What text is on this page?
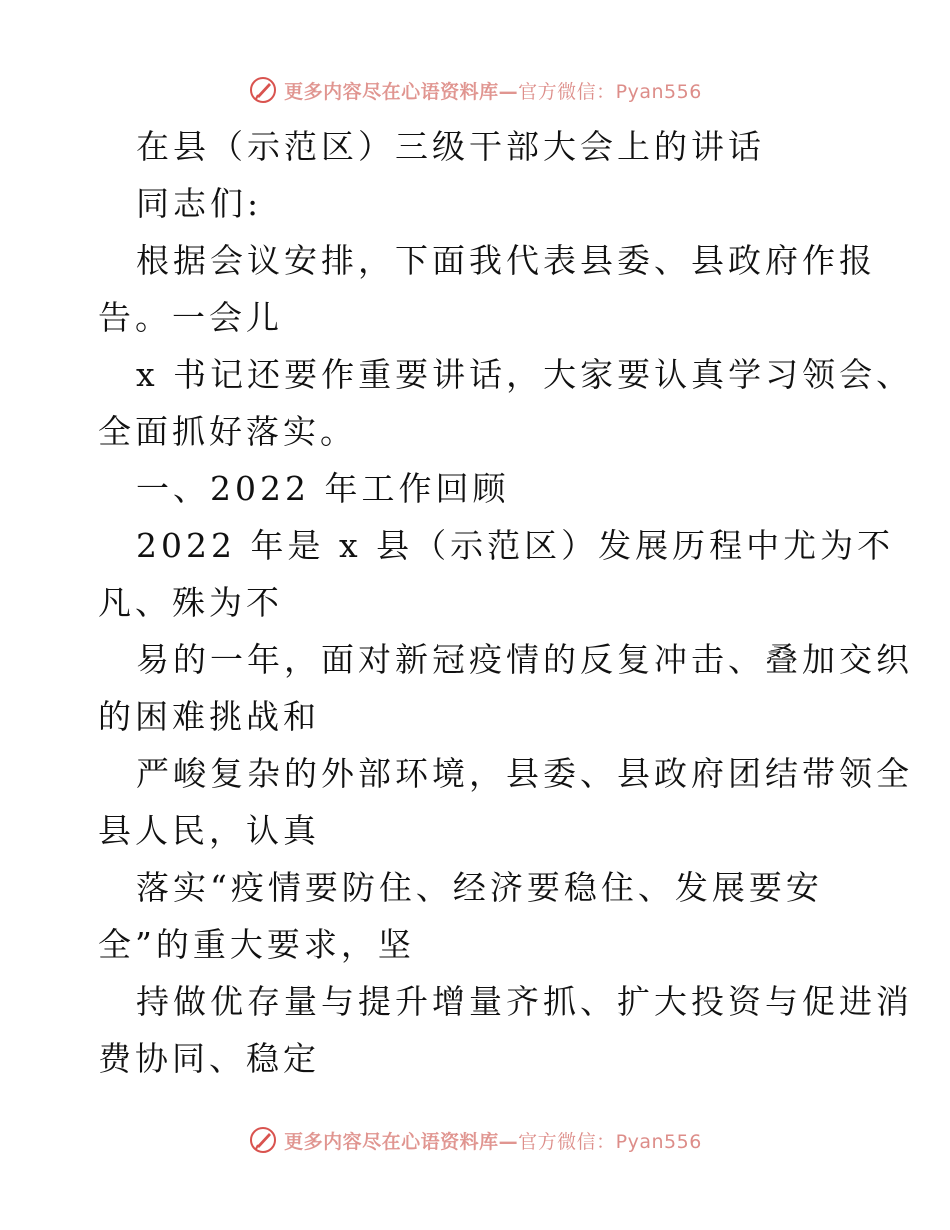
更多内容尽在心语资料库—官方微信：Pyan556
在县（示范区）三级干部大会上的讲话
同志们:
根据会议安排，下面我代表县委、县政府作报
告。一会儿
x 书记还要作重要讲话，大家要认真学习领会、
全面抓好落实。
一、2022 年工作回顾
2022 年是 x 县（示范区）发展历程中尤为不
凡、殊为不
易的一年，面对新冠疫情的反复冲击、叠加交织
的困难挑战和
严峻复杂的外部环境，县委、县政府团结带领全
县人民，认真
落实“疫情要防住、经济要稳住、发展要安
全”的重大要求，坚
持做优存量与提升增量齐抓、扩大投资与促进消
费协同、稳定
更多内容尽在心语资料库—官方微信：Pyan556
